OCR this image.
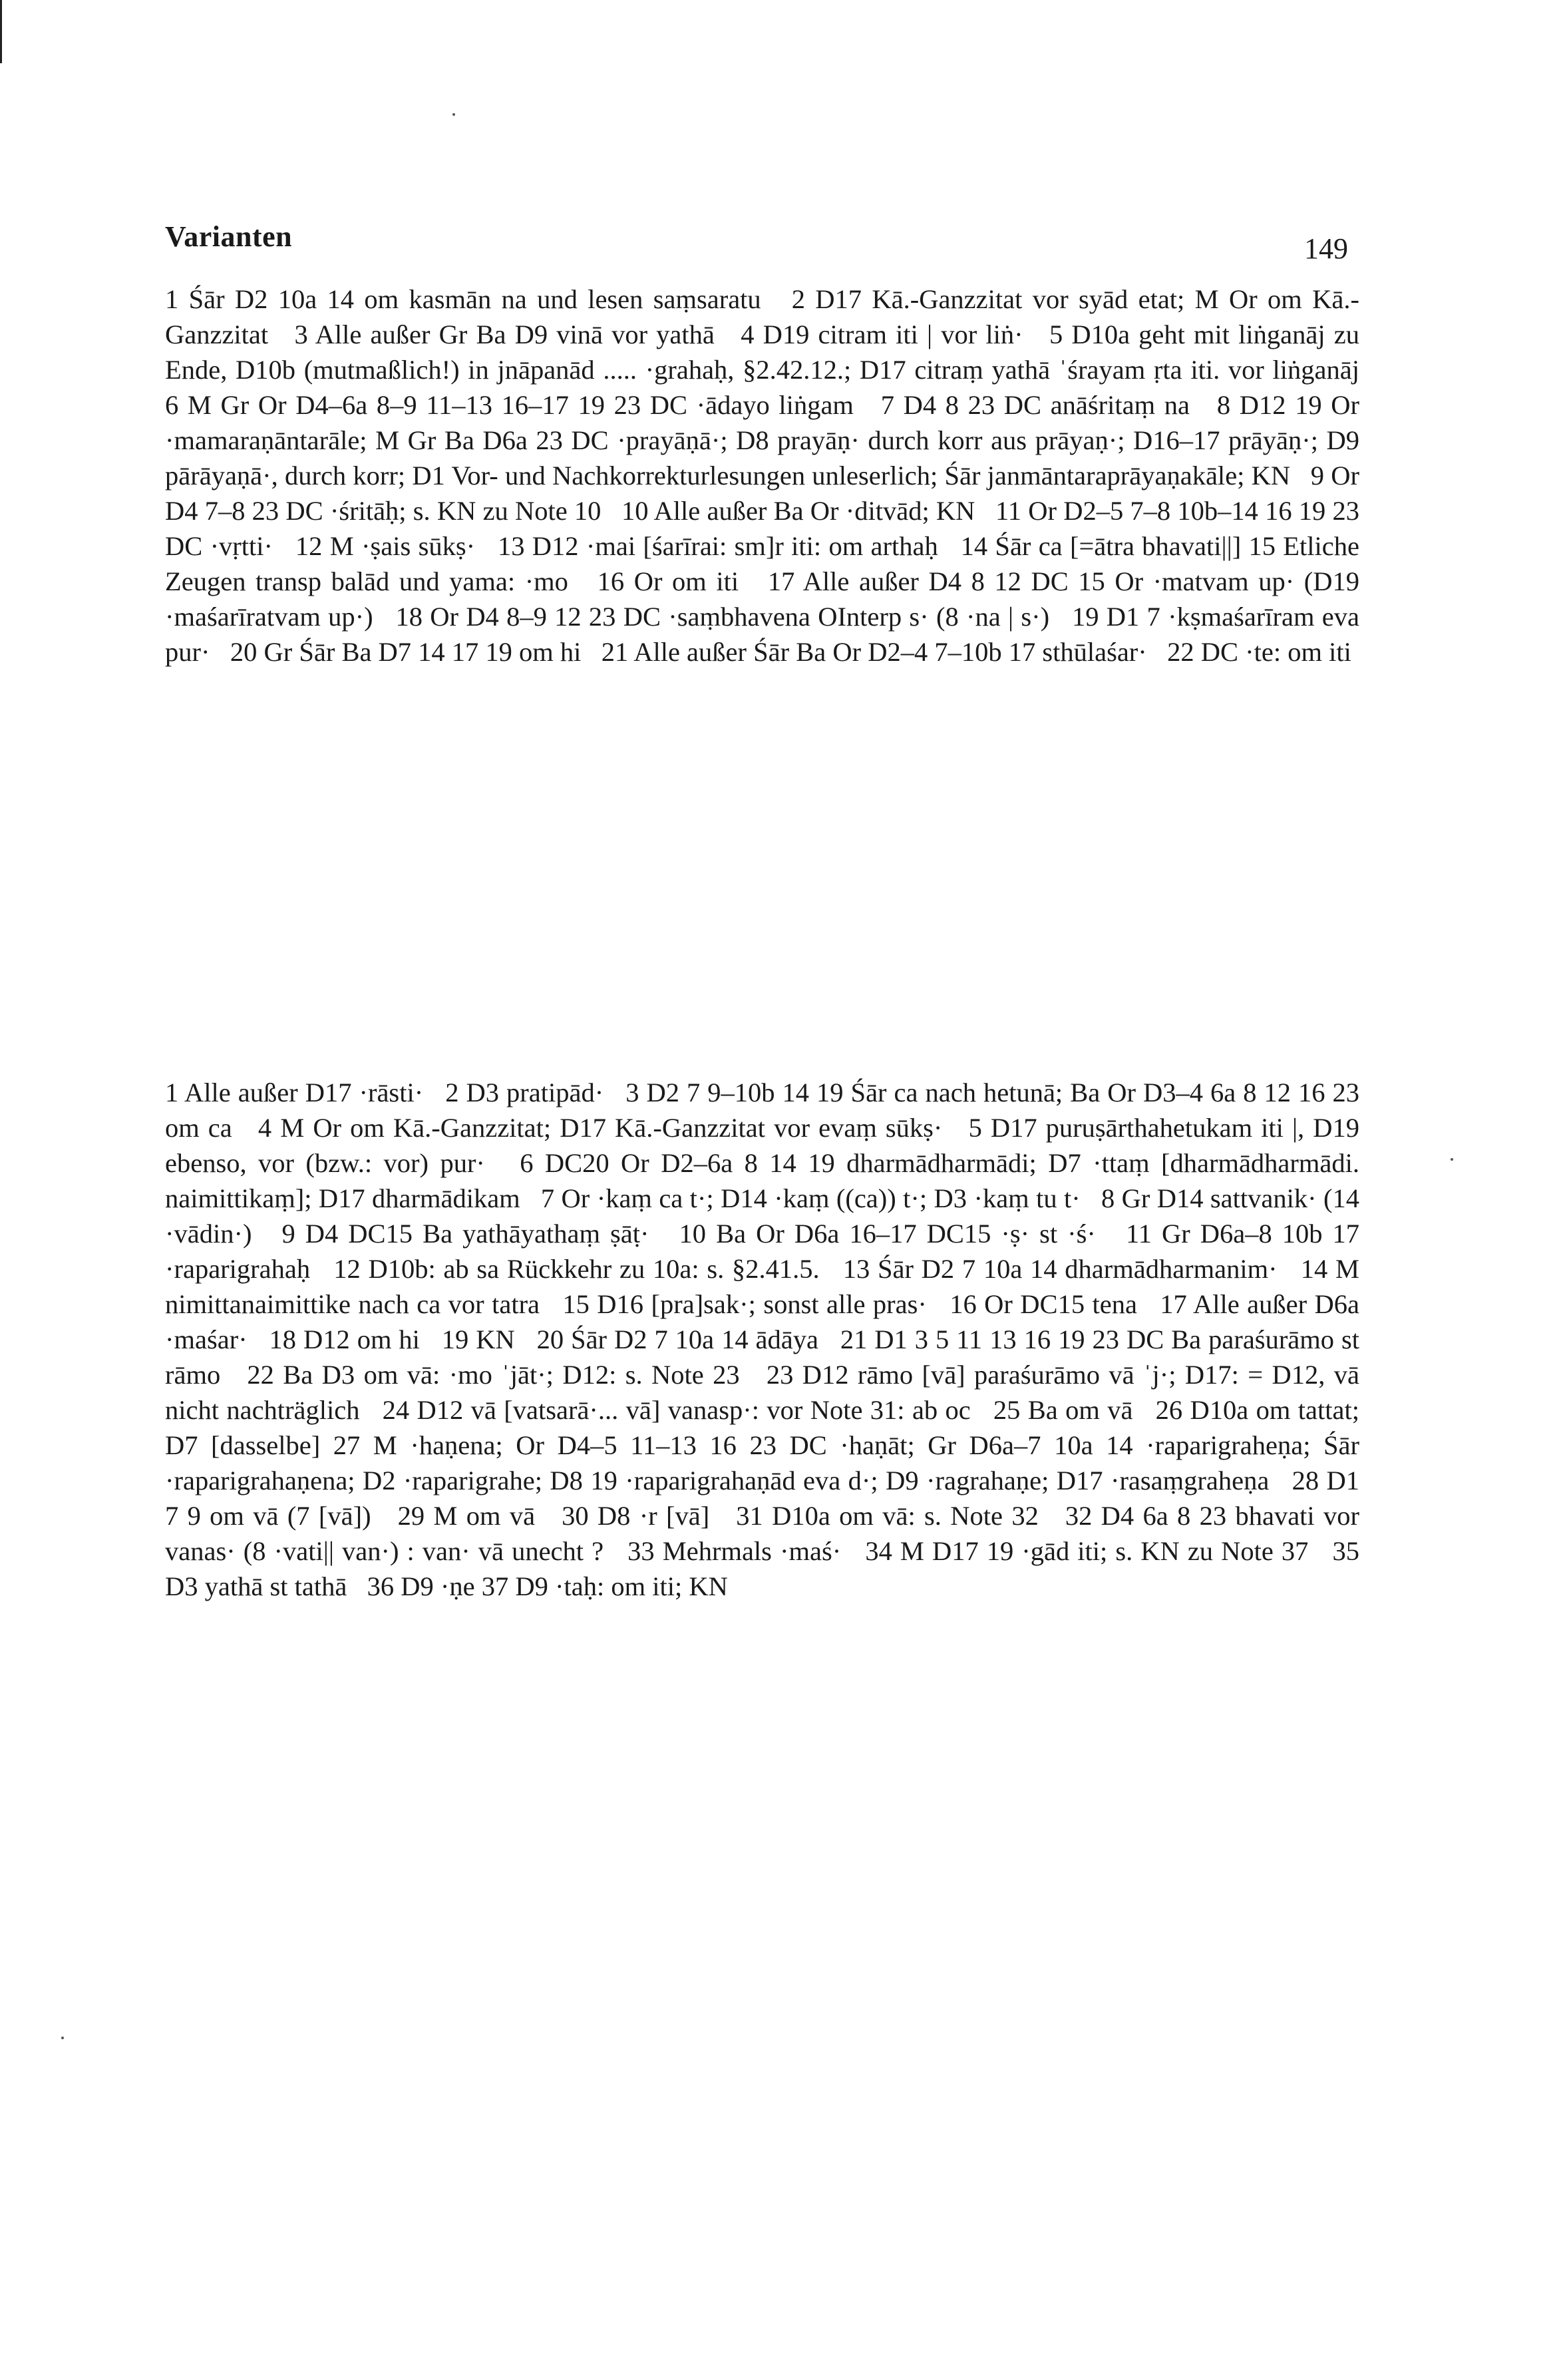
Varianten	149
1 Śār D2 10a 14 om kasmān na und lesen saṃsaratu   2 D17 Kā.-Ganzzitat vor syād etat; M Or om Kā.-Ganzzitat   3 Alle außer Gr Ba D9 vinā vor yathā   4 D19 citram iti | vor liṅ·   5 D10a geht mit liṅganāj zu Ende, D10b (mutmaßlich!) in jnāpanād ..... ·grahaḥ, §2.42.12.; D17 citraṃ yathā ˈśrayam ṛta iti. vor liṅganāj   6 M Gr Or D4–6a 8–9 11–13 16–17 19 23 DC ·ādayo liṅgam   7 D4 8 23 DC anāśritaṃ na   8 D12 19 Or ·mamaraṇāntarāle; M Gr Ba D6a 23 DC ·prayāṇā·; D8 prayāṇ· durch korr aus prāyaṇ·; D16–17 prāyāṇ·; D9 pārāyaṇā·, durch korr; D1 Vor- und Nachkorrekturlesungen unleserlich; Śār janmāntaraprāyaṇakāle; KN   9 Or D4 7–8 23 DC ·śritāḥ; s. KN zu Note 10   10 Alle außer Ba Or ·ditvād; KN   11 Or D2–5 7–8 10b–14 16 19 23 DC ·vṛtti·   12 M ·ṣais sūkṣ·   13 D12 ·mai [śarīrai: sm]r iti: om arthaḥ   14 Śār ca [=ātra bhavati||] 15 Etliche Zeugen transp balād und yama: ·mo   16 Or om iti   17 Alle außer D4 8 12 DC 15 Or ·matvam up· (D19 ·maśarīratvam up·)   18 Or D4 8–9 12 23 DC ·saṃbhavena OInterp s· (8 ·na | s·)   19 D1 7 ·kṣmaśarīram eva pur·   20 Gr Śār Ba D7 14 17 19 om hi   21 Alle außer Śār Ba Or D2–4 7–10b 17 sthūlaśar·   22 DC ·te: om iti
1 Alle außer D17 ·rāsti·   2 D3 pratipād·   3 D2 7 9–10b 14 19 Śār ca nach hetunā; Ba Or D3–4 6a 8 12 16 23 om ca   4 M Or om Kā.-Ganzzitat; D17 Kā.-Ganzzitat vor evaṃ sūkṣ·   5 D17 puruṣārthahetukam iti |, D19 ebenso, vor (bzw.: vor) pur·   6 DC20 Or D2–6a 8 14 19 dharmādharmādi; D7 ·ttaṃ [dharmādharmādi. naimittikaṃ]; D17 dharmādikam   7 Or ·kaṃ ca t·; D14 ·kaṃ ((ca)) t·; D3 ·kaṃ tu t·   8 Gr D14 sattvanik· (14 ·vādin·)   9 D4 DC15 Ba yathāyathaṃ ṣāṭ·   10 Ba Or D6a 16–17 DC15 ·ṣ· st ·ś·   11 Gr D6a–8 10b 17 ·raparigrahaḥ   12 D10b: ab sa Rückkehr zu 10a: s. §2.41.5.   13 Śār D2 7 10a 14 dharmādharmanim·   14 M nimittanaimittike nach ca vor tatra   15 D16 [pra]sak·; sonst alle pras·   16 Or DC15 tena   17 Alle außer D6a ·maśar·   18 D12 om hi   19 KN   20 Śār D2 7 10a 14 ādāya   21 D1 3 5 11 13 16 19 23 DC Ba paraśurāmo st rāmo   22 Ba D3 om vā: ·mo ˈjāt·; D12: s. Note 23   23 D12 rāmo [vā] paraśurāmo vā ˈj·; D17: = D12, vā nicht nachträglich   24 D12 vā [vatsarā·... vā] vanasp·: vor Note 31: ab oc   25 Ba om vā   26 D10a om tattat; D7 [dasselbe] 27 M ·haṇena; Or D4–5 11–13 16 23 DC ·haṇāt; Gr D6a–7 10a 14 ·raparigraheṇa; Śār ·raparigrahaṇena; D2 ·raparigrahe; D8 19 ·raparigrahaṇād eva d·; D9 ·ragrahaṇe; D17 ·rasaṃgraheṇa   28 D1 7 9 om vā (7 [vā])   29 M om vā   30 D8 ·r [vā]   31 D10a om vā: s. Note 32   32 D4 6a 8 23 bhavati vor vanas· (8 ·vati|| van·) : van· vā unecht ?   33 Mehrmals ·maś·   34 M D17 19 ·gād iti; s. KN zu Note 37   35 D3 yathā st tathā   36 D9 ·ṇe 37 D9 ·taḥ: om iti; KN
